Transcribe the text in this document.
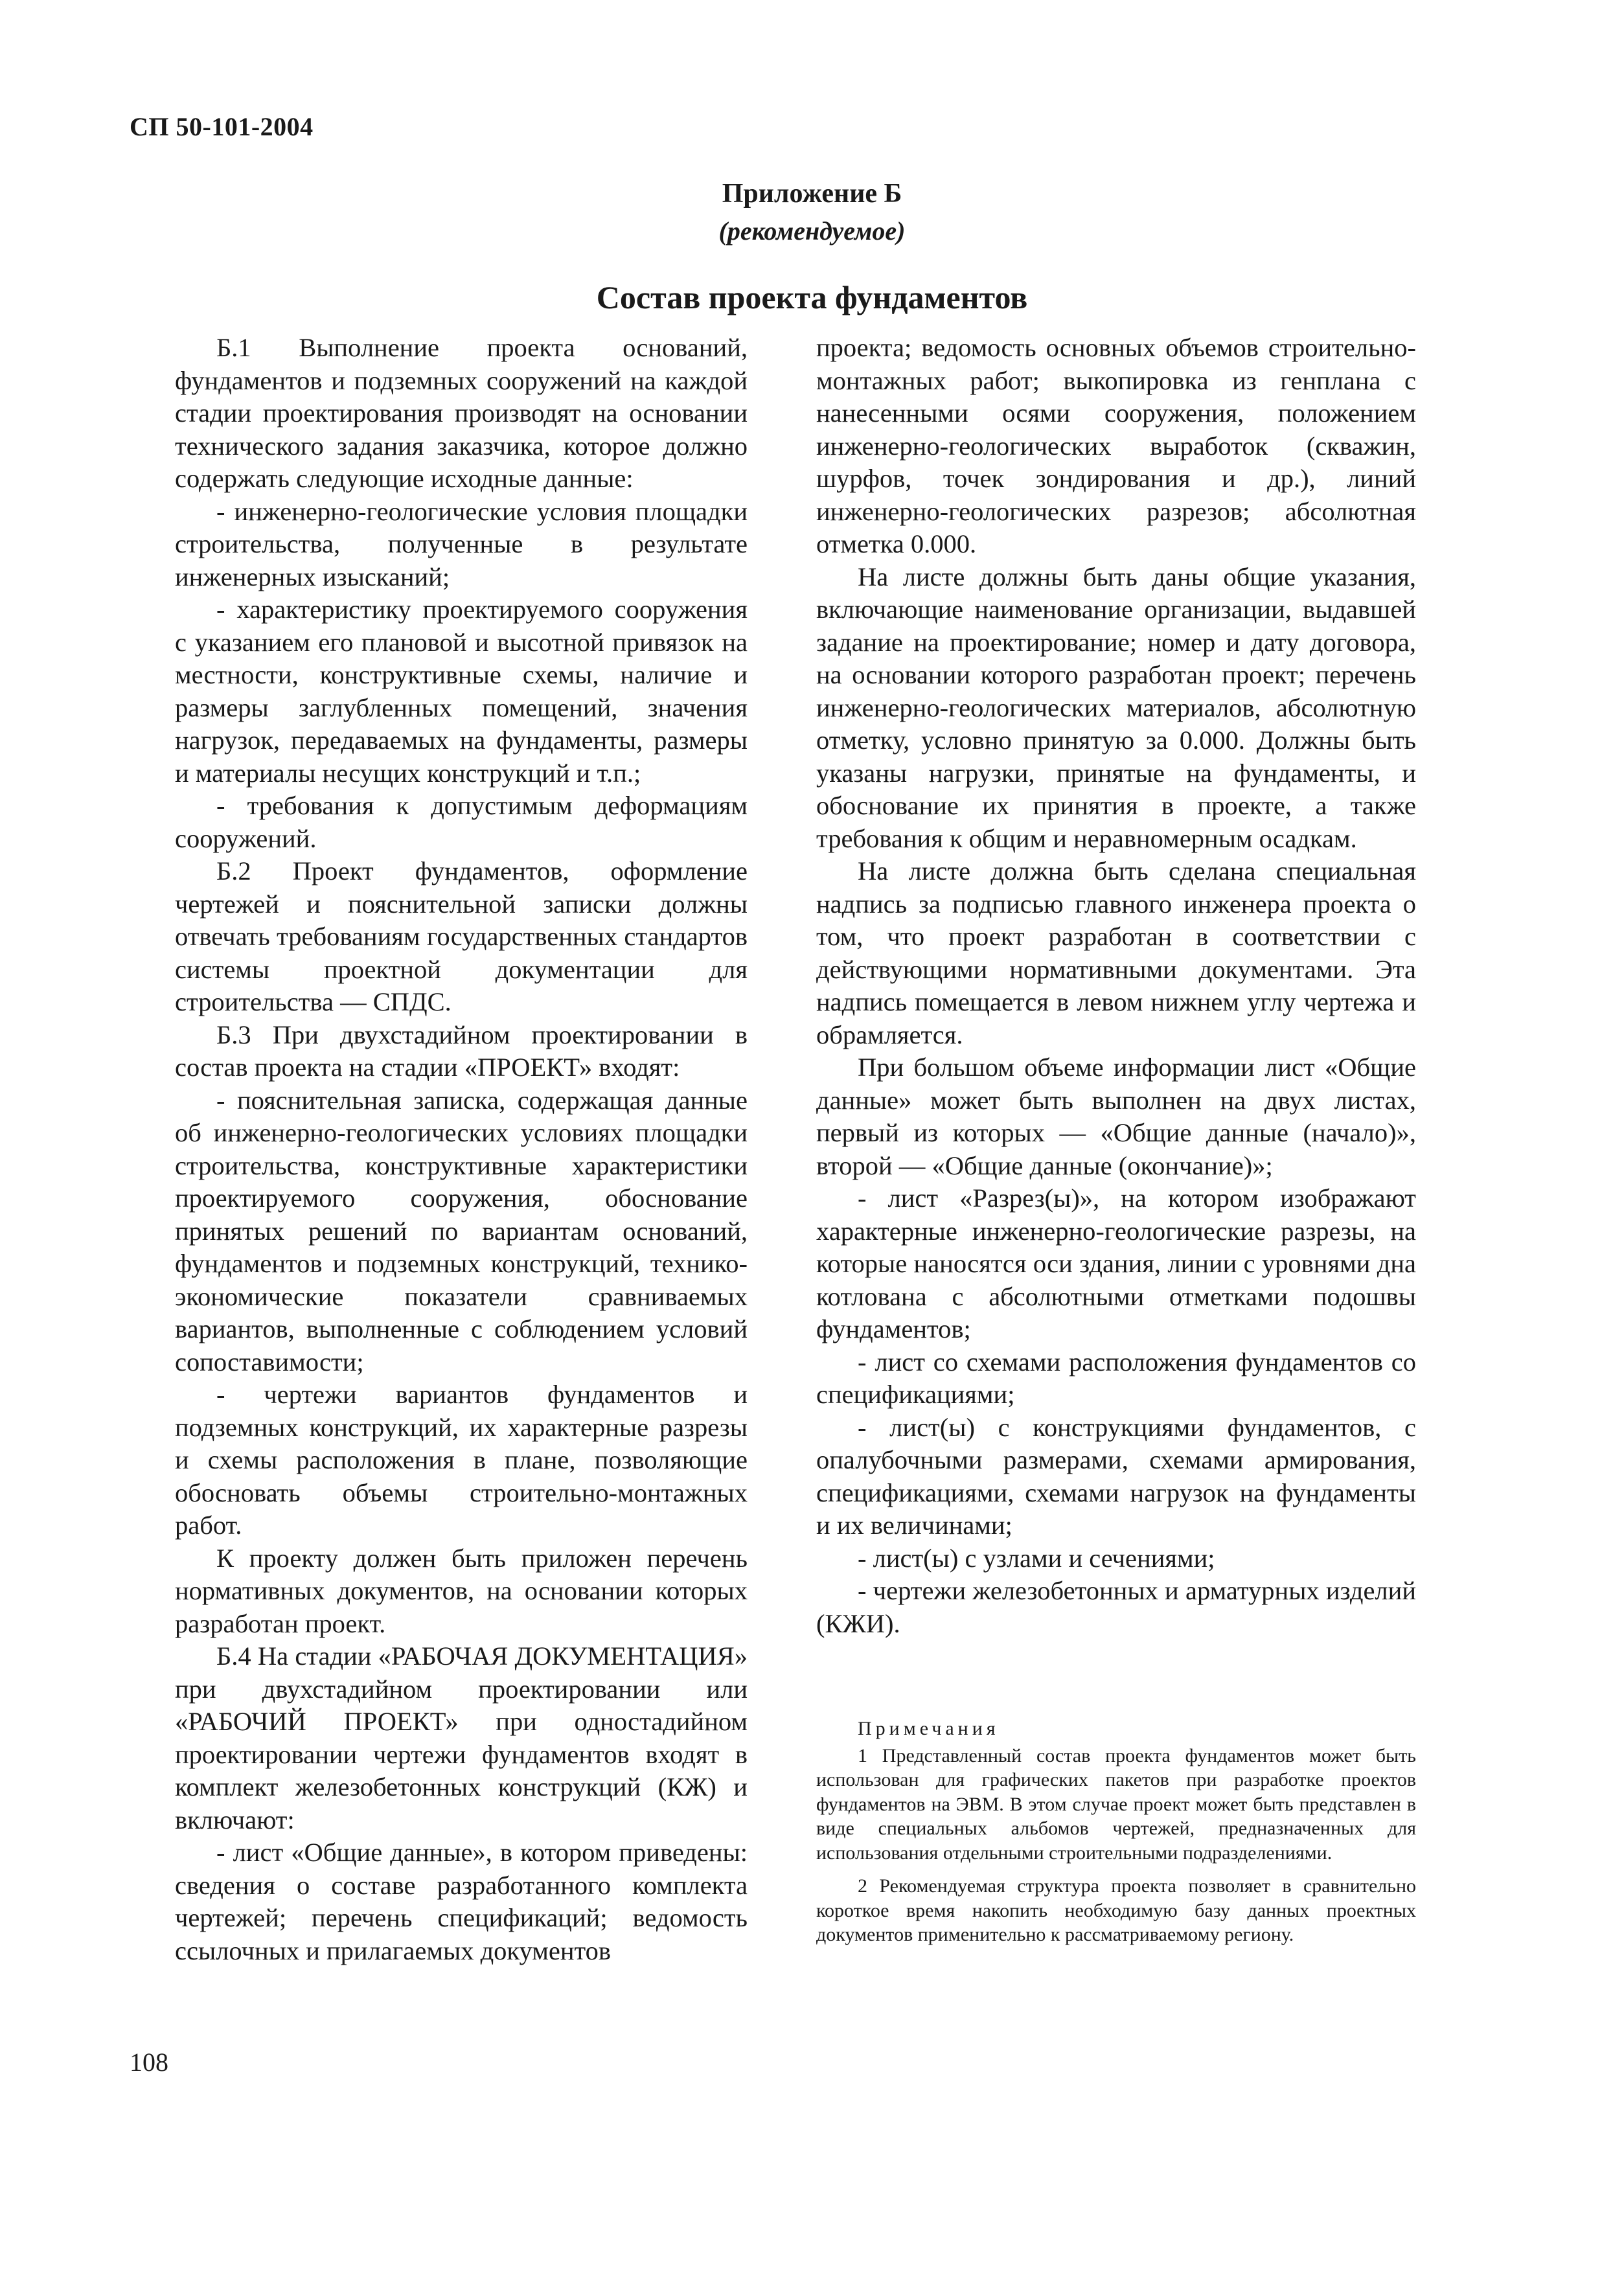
СП 50-101-2004
Приложение Б
(рекомендуемое)
Состав проекта фундаментов

Б.1 Выполнение проекта оснований, фундаментов и подземных сооружений на каждой стадии проектирования производят на основании технического задания заказчика, которое должно содержать следующие исходные данные:

- инженерно-геологические условия площадки строительства, полученные в результате инженерных изысканий;

- характеристику проектируемого сооружения с указанием его плановой и высотной привязок на местности, конструктивные схемы, наличие и размеры заглубленных помещений, значения нагрузок, передаваемых на фундаменты, размеры и материалы несущих конструкций и т.п.;

- требования к допустимым деформациям сооружений.

Б.2 Проект фундаментов, оформление чертежей и пояснительной записки должны отвечать требованиям государственных стандартов системы проектной документации для строительства — СПДС.

Б.3 При двухстадийном проектировании в состав проекта на стадии «ПРОЕКТ» входят:

- пояснительная записка, содержащая данные об инженерно-геологических условиях площадки строительства, конструктивные характеристики проектируемого сооружения, обоснование принятых решений по вариантам оснований, фундаментов и подземных конструкций, технико-экономические показатели сравниваемых вариантов, выполненные с соблюдением условий сопоставимости;

- чертежи вариантов фундаментов и подземных конструкций, их характерные разрезы и схемы расположения в плане, позволяющие обосновать объемы строительно-монтажных работ.

К проекту должен быть приложен перечень нормативных документов, на основании которых разработан проект.

Б.4 На стадии «РАБОЧАЯ ДОКУМЕНТАЦИЯ» при двухстадийном проектировании или «РАБОЧИЙ ПРОЕКТ» при одностадийном проектировании чертежи фундаментов входят в комплект железобетонных конструкций (КЖ) и включают:

- лист «Общие данные», в котором приведены: сведения о составе разработанного комплекта чертежей; перечень спецификаций; ведомость ссылочных и прилагаемых документов

проекта; ведомость основных объемов строительно-монтажных работ; выкопировка из генплана с нанесенными осями сооружения, положением инженерно-геологических выработок (скважин, шурфов, точек зондирования и др.), линий инженерно-геологических разрезов; абсолютная отметка 0.000.

На листе должны быть даны общие указания, включающие наименование организации, выдавшей задание на проектирование; номер и дату договора, на основании которого разработан проект; перечень инженерно-геологических материалов, абсолютную отметку, условно принятую за 0.000. Должны быть указаны нагрузки, принятые на фундаменты, и обоснование их принятия в проекте, а также требования к общим и неравномерным осадкам.

На листе должна быть сделана специальная надпись за подписью главного инженера проекта о том, что проект разработан в соответствии с действующими нормативными документами. Эта надпись помещается в левом нижнем углу чертежа и обрамляется.

При большом объеме информации лист «Общие данные» может быть выполнен на двух листах, первый из которых — «Общие данные (начало)», второй — «Общие данные (окончание)»;

- лист «Разрез(ы)», на котором изображают характерные инженерно-геологические разрезы, на которые наносятся оси здания, линии с уровнями дна котлована с абсолютными отметками подошвы фундаментов;

- лист со схемами расположения фундаментов со спецификациями;

- лист(ы) с конструкциями фундаментов, с опалубочными размерами, схемами армирования, спецификациями, схемами нагрузок на фундаменты и их величинами;

- лист(ы) с узлами и сечениями;

- чертежи железобетонных и арматурных изделий (КЖИ).

Примечания

1 Представленный состав проекта фундаментов может быть использован для графических пакетов при разработке проектов фундаментов на ЭВМ. В этом случае проект может быть представлен в виде специальных альбомов чертежей, предназначенных для использования отдельными строительными подразделениями.

2 Рекомендуемая структура проекта позволяет в сравнительно короткое время накопить необходимую базу данных проектных документов применительно к рассматриваемому региону.

108
